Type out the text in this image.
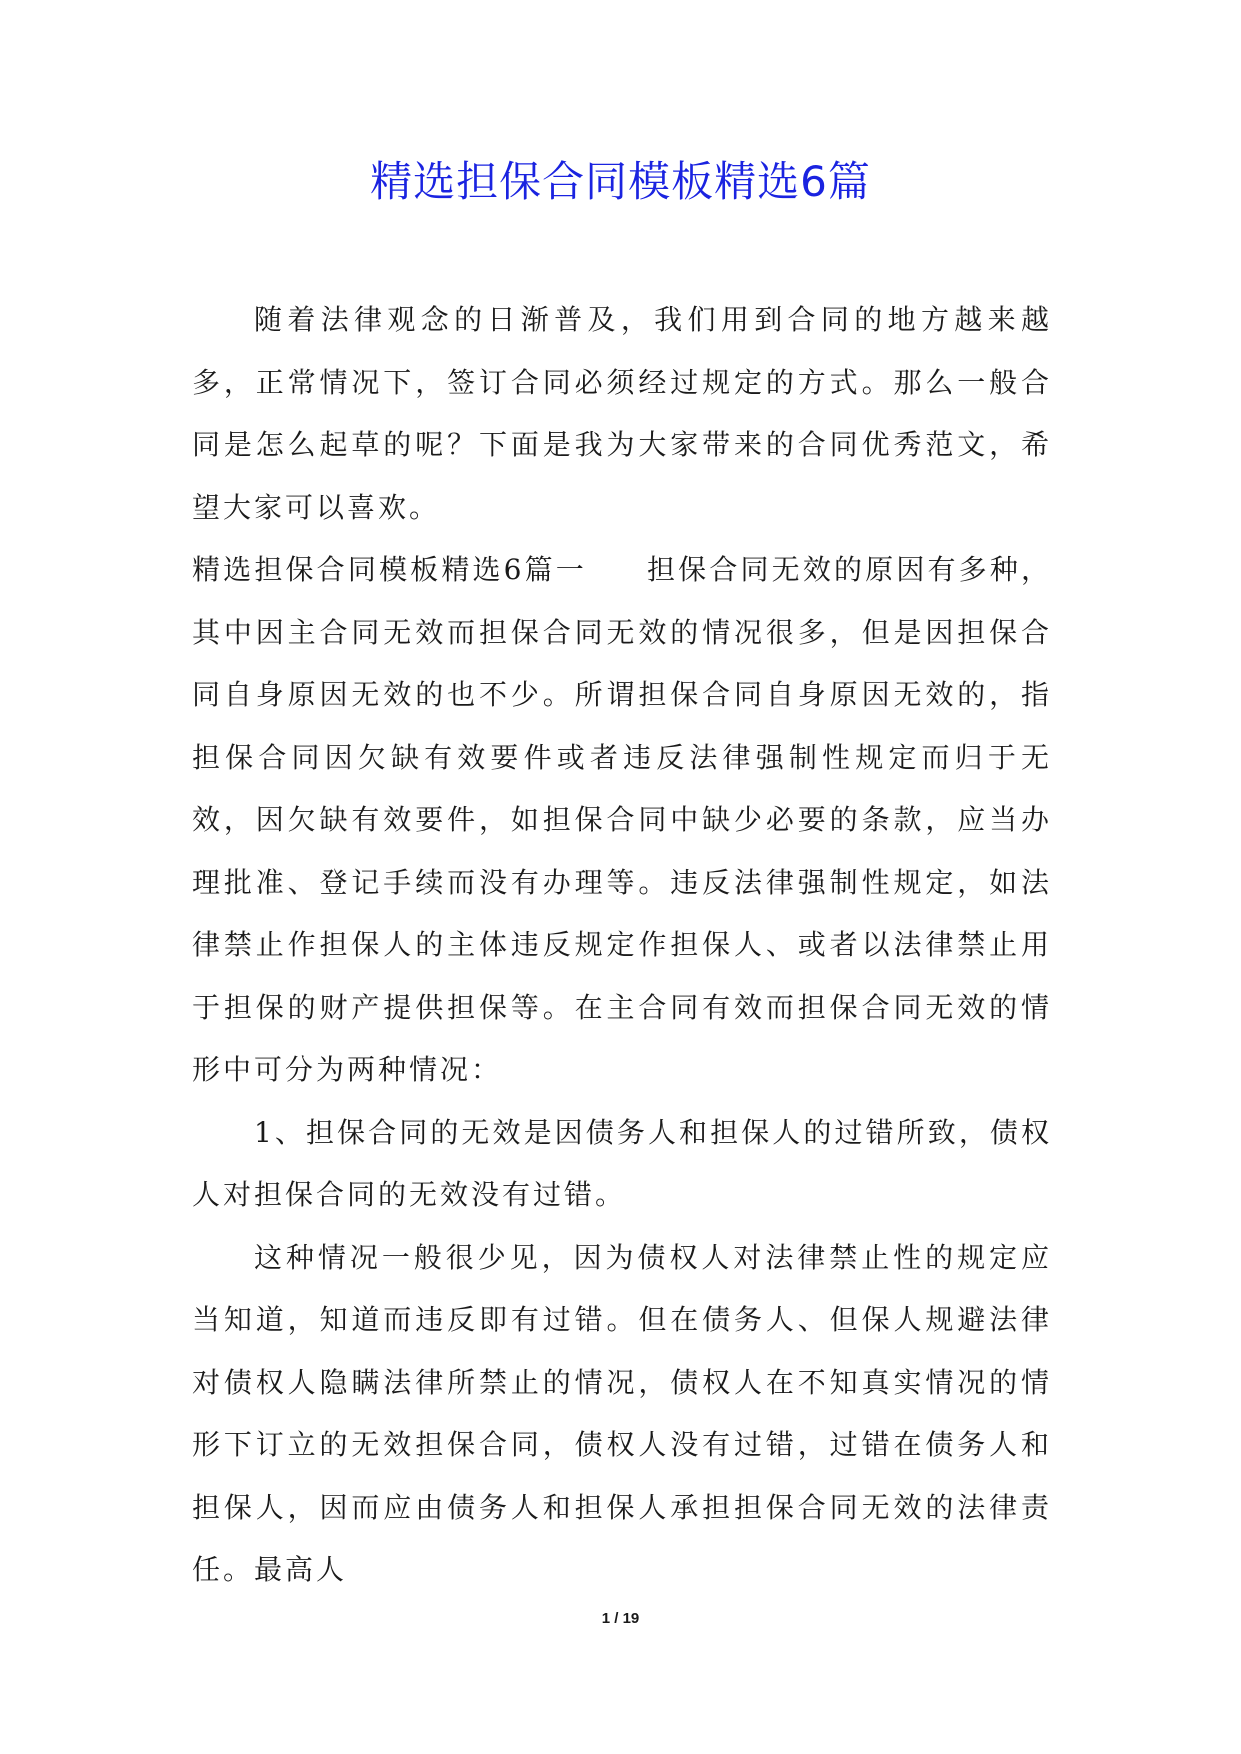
精选担保合同模板精选6篇

随着法律观念的日渐普及，我们用到合同的地方越来越多，正常情况下，签订合同必须经过规定的方式。那么一般合同是怎么起草的呢？下面是我为大家带来的合同优秀范文，希望大家可以喜欢。

精选担保合同模板精选6篇一 担保合同无效的原因有多种，其中因主合同无效而担保合同无效的情况很多，但是因担保合同自身原因无效的也不少。所谓担保合同自身原因无效的，指担保合同因欠缺有效要件或者违反法律强制性规定而归于无效，因欠缺有效要件，如担保合同中缺少必要的条款，应当办理批准、登记手续而没有办理等。违反法律强制性规定，如法律禁止作担保人的主体违反规定作担保人、或者以法律禁止用于担保的财产提供担保等。在主合同有效而担保合同无效的情形中可分为两种情况：

1、担保合同的无效是因债务人和担保人的过错所致，债权人对担保合同的无效没有过错。

这种情况一般很少见，因为债权人对法律禁止性的规定应当知道，知道而违反即有过错。但在债务人、但保人规避法律对债权人隐瞒法律所禁止的情况，债权人在不知真实情况的情形下订立的无效担保合同，债权人没有过错，过错在债务人和担保人，因而应由债务人和担保人承担担保合同无效的法律责任。最高人

1 / 19
